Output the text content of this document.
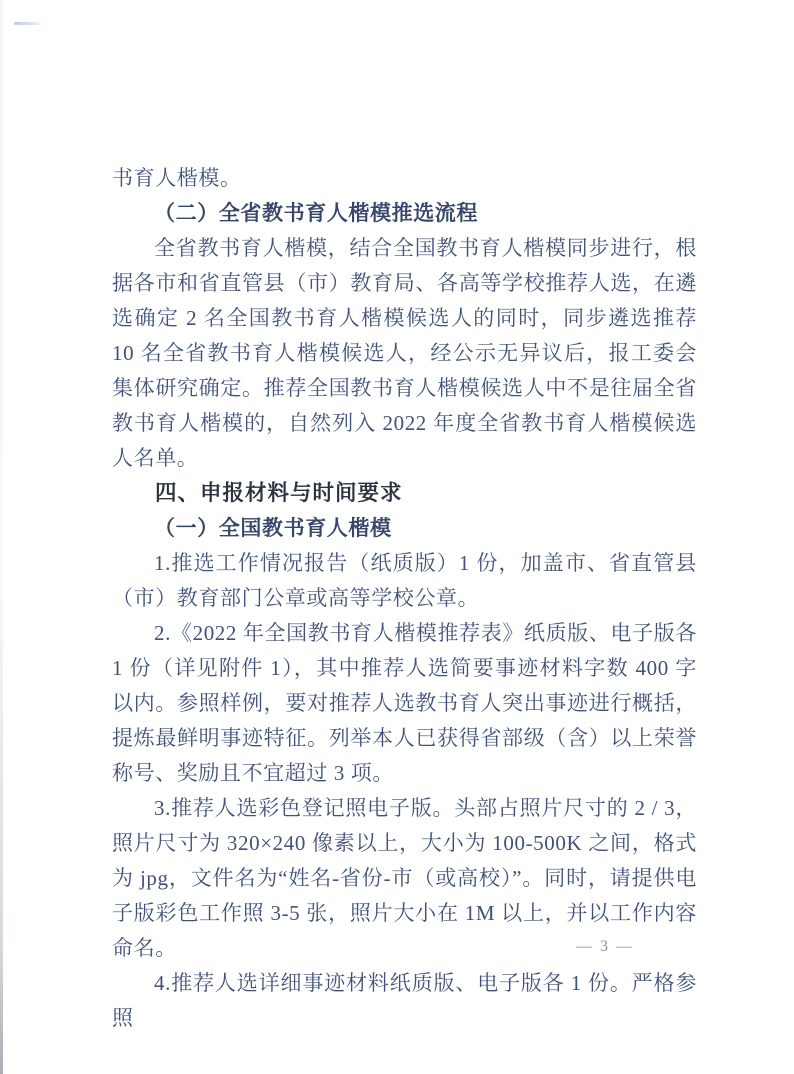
书育人楷模。

（二）全省教书育人楷模推选流程

全省教书育人楷模，结合全国教书育人楷模同步进行，根据各市和省直管县（市）教育局、各高等学校推荐人选，在遴选确定 2 名全国教书育人楷模候选人的同时，同步遴选推荐 10 名全省教书育人楷模候选人，经公示无异议后，报工委会集体研究确定。推荐全国教书育人楷模候选人中不是往届全省教书育人楷模的，自然列入 2022 年度全省教书育人楷模候选人名单。

四、申报材料与时间要求

（一）全国教书育人楷模

1.推选工作情况报告（纸质版）1 份，加盖市、省直管县（市）教育部门公章或高等学校公章。

2.《2022 年全国教书育人楷模推荐表》纸质版、电子版各 1 份（详见附件 1），其中推荐人选简要事迹材料字数 400 字以内。参照样例，要对推荐人选教书育人突出事迹进行概括，提炼最鲜明事迹特征。列举本人已获得省部级（含）以上荣誉称号、奖励且不宜超过 3 项。

3.推荐人选彩色登记照电子版。头部占照片尺寸的 2 / 3，照片尺寸为 320×240 像素以上，大小为 100-500K 之间，格式为 jpg，文件名为“姓名-省份-市（或高校）”。同时，请提供电子版彩色工作照 3-5 张，照片大小在 1M 以上，并以工作内容命名。

4.推荐人选详细事迹材料纸质版、电子版各 1 份。严格参照

— 3 —
